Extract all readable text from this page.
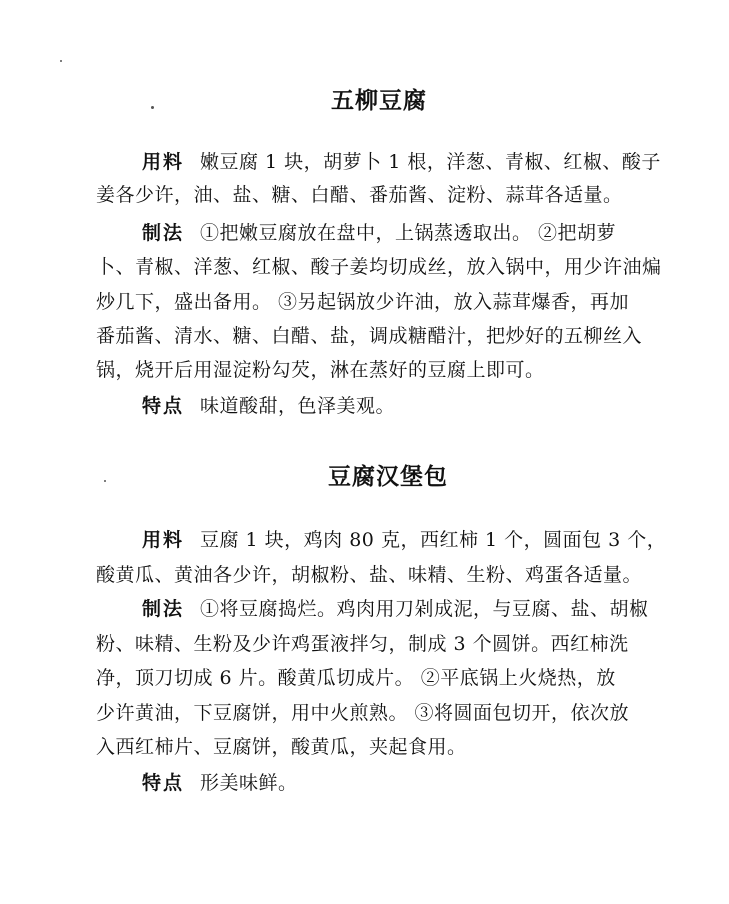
五柳豆腐
用料 嫩豆腐 1 块，胡萝卜 1 根，洋葱、青椒、红椒、酸子
姜各少许，油、盐、糖、白醋、番茄酱、淀粉、蒜茸各适量。
制法 ①把嫩豆腐放在盘中，上锅蒸透取出。 ②把胡萝
卜、青椒、洋葱、红椒、酸子姜均切成丝，放入锅中，用少许油煸
炒几下，盛出备用。 ③另起锅放少许油，放入蒜茸爆香，再加
番茄酱、清水、糖、白醋、盐，调成糖醋汁，把炒好的五柳丝入
锅，烧开后用湿淀粉勾芡，淋在蒸好的豆腐上即可。
特点 味道酸甜，色泽美观。
豆腐汉堡包
用料 豆腐 1 块，鸡肉 80 克，西红柿 1 个，圆面包 3 个，
酸黄瓜、黄油各少许，胡椒粉、盐、味精、生粉、鸡蛋各适量。
制法 ①将豆腐捣烂。鸡肉用刀剁成泥，与豆腐、盐、胡椒
粉、味精、生粉及少许鸡蛋液拌匀，制成 3 个圆饼。西红柿洗
净，顶刀切成 6 片。酸黄瓜切成片。 ②平底锅上火烧热，放
少许黄油，下豆腐饼，用中火煎熟。 ③将圆面包切开，依次放
入西红柿片、豆腐饼，酸黄瓜，夹起食用。
特点 形美味鲜。
